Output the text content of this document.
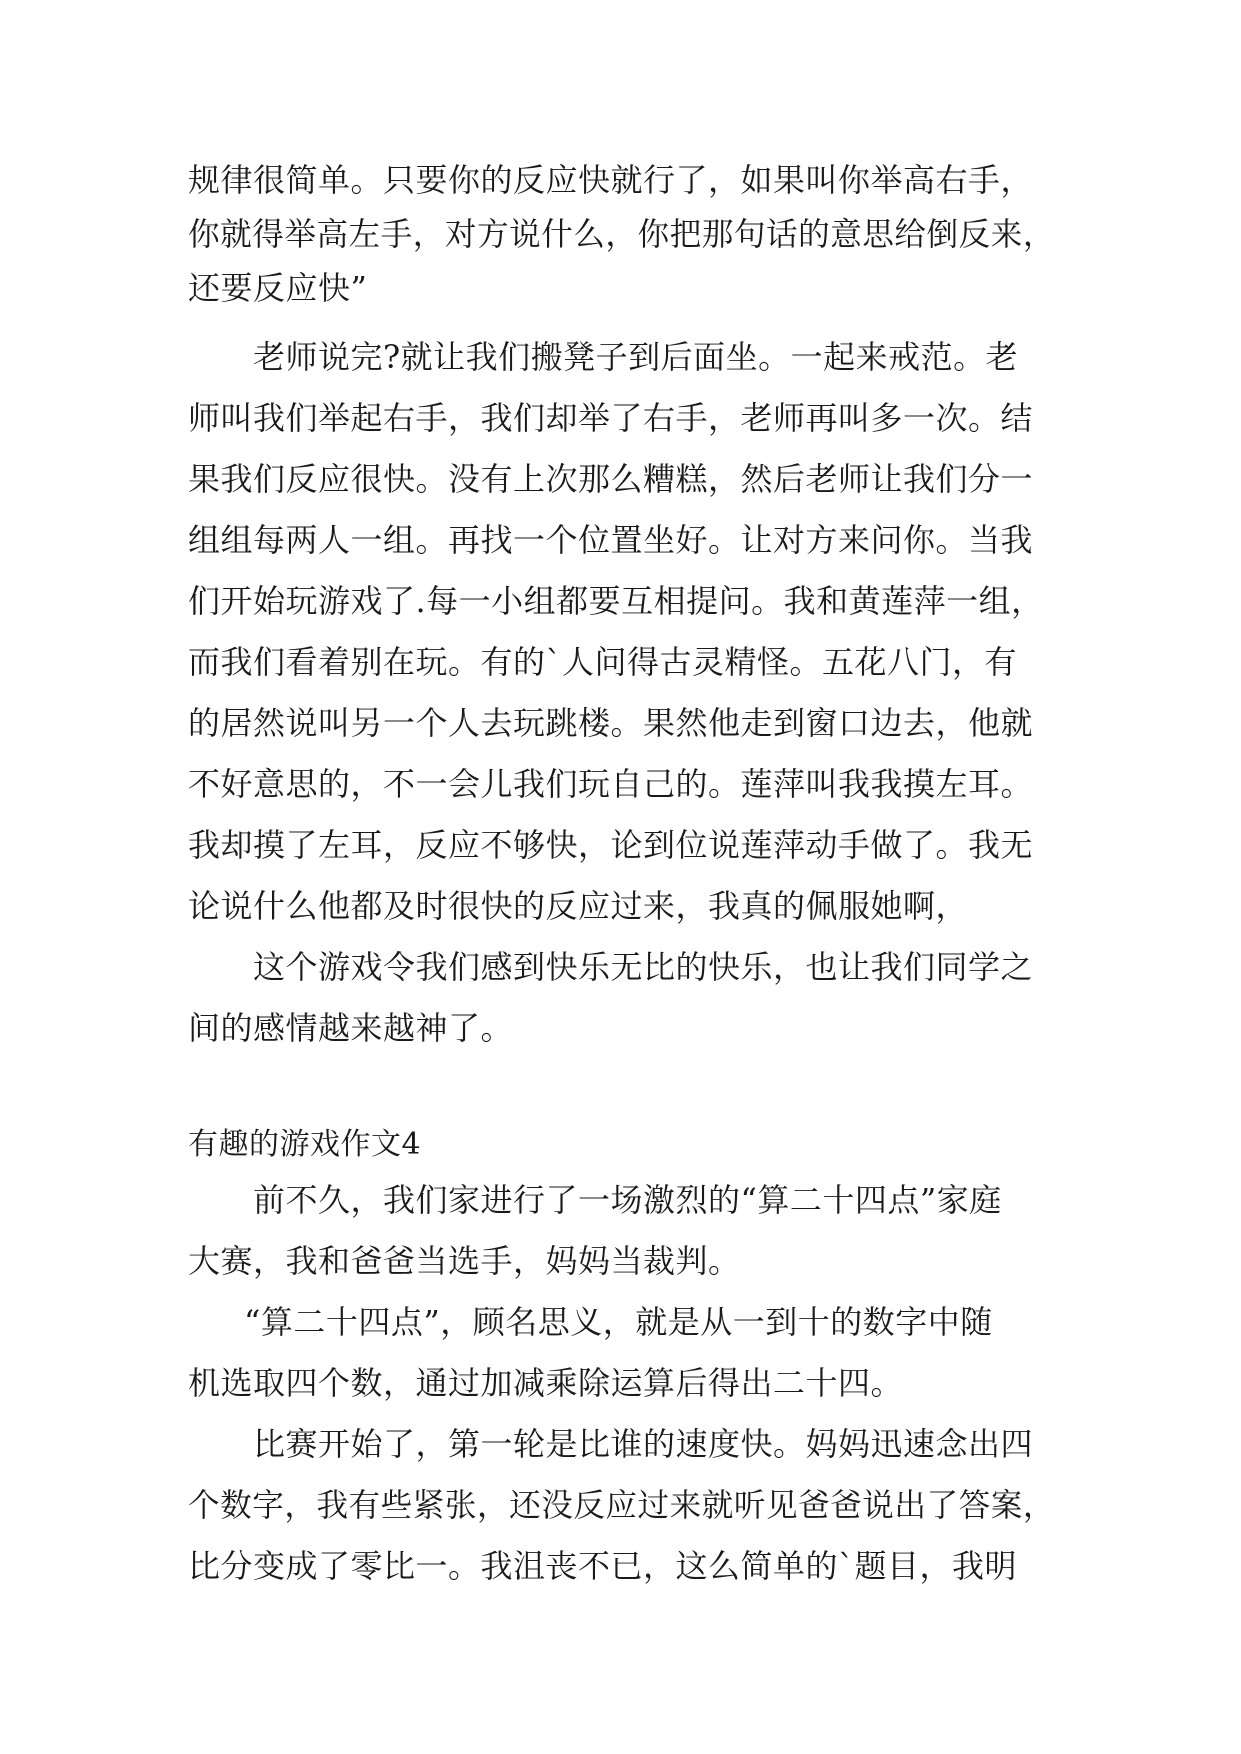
规律很简单。只要你的反应快就行了，如果叫你举高右手，
你就得举高左手，对方说什么，你把那句话的意思给倒反来，
还要反应快”
老师说完?就让我们搬凳子到后面坐。一起来戒范。老
师叫我们举起右手，我们却举了右手，老师再叫多一次。结
果我们反应很快。没有上次那么糟糕，然后老师让我们分一
组组每两人一组。再找一个位置坐好。让对方来问你。当我
们开始玩游戏了.每一小组都要互相提问。我和黄莲萍一组，
而我们看着别在玩。有的`人问得古灵精怪。五花八门，有
的居然说叫另一个人去玩跳楼。果然他走到窗口边去，他就
不好意思的，不一会儿我们玩自己的。莲萍叫我我摸左耳。
我却摸了左耳，反应不够快，论到位说莲萍动手做了。我无
论说什么他都及时很快的反应过来，我真的佩服她啊，
这个游戏令我们感到快乐无比的快乐，也让我们同学之
间的感情越来越神了。
有趣的游戏作文4
前不久，我们家进行了一场激烈的“算二十四点”家庭
大赛，我和爸爸当选手，妈妈当裁判。
“算二十四点”，顾名思义，就是从一到十的数字中随
机选取四个数，通过加减乘除运算后得出二十四。
比赛开始了，第一轮是比谁的速度快。妈妈迅速念出四
个数字，我有些紧张，还没反应过来就听见爸爸说出了答案，
比分变成了零比一。我沮丧不已，这么简单的`题目，我明
